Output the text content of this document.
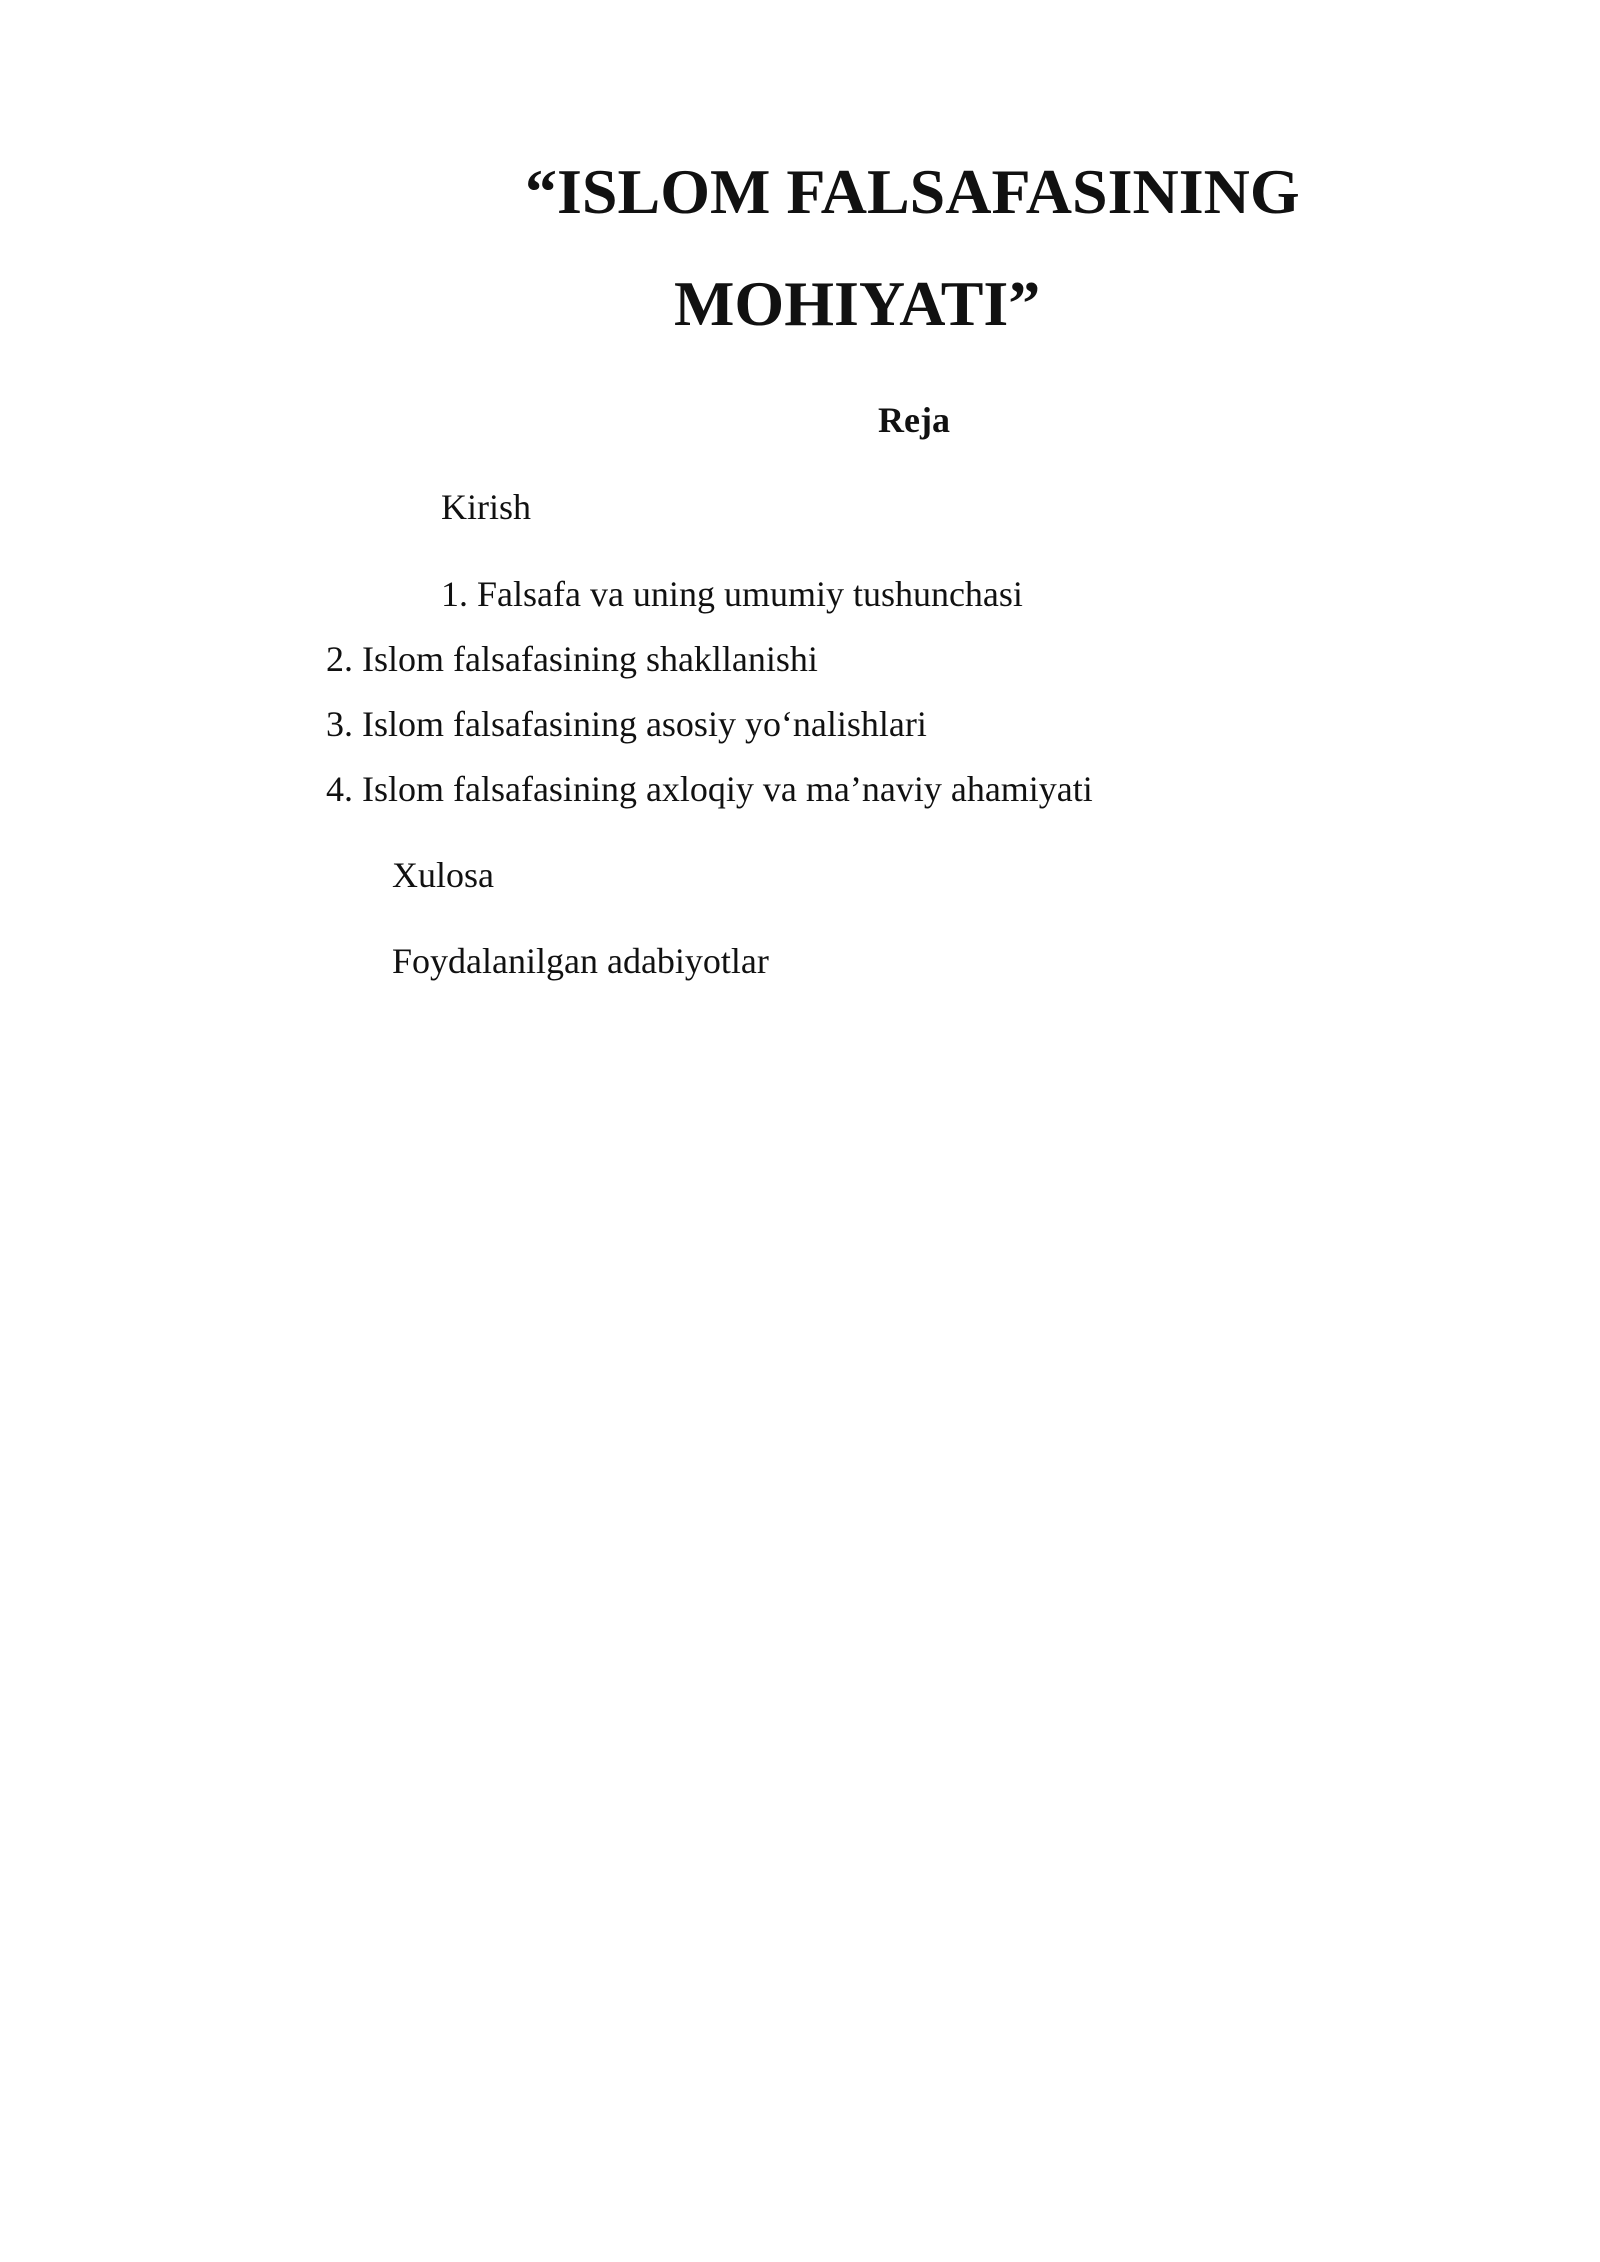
“ISLOM FALSAFASINING
MOHIYATI”
Reja
Kirish
1. Falsafa va uning umumiy tushunchasi
2. Islom falsafasining shakllanishi
3. Islom falsafasining asosiy yo‘nalishlari
4. Islom falsafasining axloqiy va ma’naviy ahamiyati
Xulosa
Foydalanilgan adabiyotlar
